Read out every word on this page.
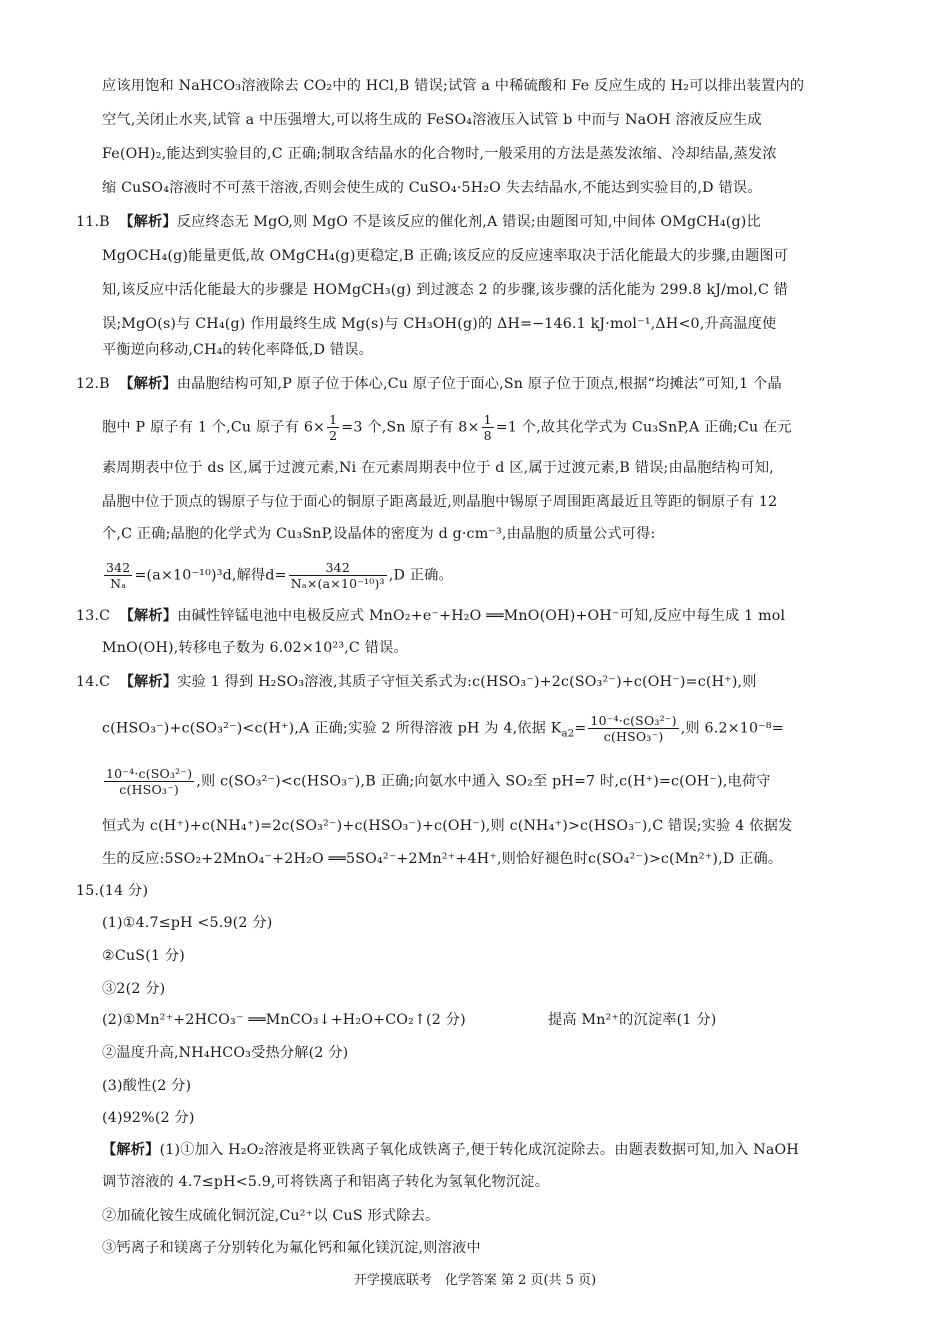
应该用饱和 NaHCO₃溶液除去 CO₂中的 HCl,B 错误;试管 a 中稀硫酸和 Fe 反应生成的 H₂可以排出装置内的
空气,关闭止水夹,试管 a 中压强增大,可以将生成的 FeSO₄溶液压入试管 b 中而与 NaOH 溶液反应生成
Fe(OH)₂,能达到实验目的,C 正确;制取含结晶水的化合物时,一般采用的方法是蒸发浓缩、冷却结晶,蒸发浓
缩 CuSO₄溶液时不可蒸干溶液,否则会使生成的 CuSO₄·5H₂O 失去结晶水,不能达到实验目的,D 错误。
11.B 【解析】反应终态无 MgO,则 MgO 不是该反应的催化剂,A 错误;由题图可知,中间体 OMgCH₄(g)比
MgOCH₄(g)能量更低,故 OMgCH₄(g)更稳定,B 正确;该反应的反应速率取决于活化能最大的步骤,由题图可
知,该反应中活化能最大的步骤是 HOMgCH₃(g) 到过渡态 2 的步骤,该步骤的活化能为 299.8 kJ/mol,C 错
误;MgO(s)与 CH₄(g) 作用最终生成 Mg(s)与 CH₃OH(g)的 ΔH=−146.1 kJ·mol⁻¹,ΔH<0,升高温度使
平衡逆向移动,CH₄的转化率降低,D 错误。
12.B 【解析】由晶胞结构可知,P 原子位于体心,Cu 原子位于面心,Sn 原子位于顶点,根据“均摊法”可知,1 个晶
胞中 P 原子有 1 个,Cu 原子有 $6\times \frac{1}{2} =3$ 个,Sn 原子有 $8\times \frac{1}{8} =1$ 个,故其化学式为 Cu₃SnP,A 正确;Cu 在元
素周期表中位于 ds 区,属于过渡元素,Ni 在元素周期表中位于 d 区,属于过渡元素,B 错误;由晶胞结构可知,
晶胞中位于顶点的锡原子与位于面心的铜原子距离最近,则晶胞中锡原子周围距离最近且等距的铜原子有 12
个,C 正确;晶胞的化学式为 Cu₃SnP,设晶体的密度为 d g·cm⁻³,由晶胞的质量公式可得:
$\frac{342}{\text{Nₐ}} =(a\times 10^{-10})^3d$,解得$d= \frac{342}{\text{Nₐ×(a×10⁻¹⁰)³}} ,D$ 正确。
13.C 【解析】由碱性锌锰电池中电极反应式 MnO₂+e⁻+H₂O ══MnO(OH)+OH⁻可知,反应中每生成 1 mol
MnO(OH),转移电子数为 6.02×10²³,C 错误。
14.C 【解析】实验 1 得到 H₂SO₃溶液,其质子守恒关系式为:c(HSO₃⁻)+2c(SO₃²⁻)+c(OH⁻)=c(H⁺),则
c(HSO₃⁻)+c(SO₃²⁻)<c(H⁺),A 正确;实验 2 所得溶液 pH 为 4,依据 $K_{a2}= \frac{\text{10⁻⁴·c(SO₃²⁻)}}{\text{c(HSO₃⁻)}}$ ,则 6.2×10⁻⁸=
$\frac{\text{10⁻⁴·c(SO₃²⁻)}}{\text{c(HSO₃⁻)}}$ ,则 c(SO₃²⁻)<c(HSO₃⁻),B 正确;向氨水中通入 SO₂至 pH=7 时,c(H⁺)=c(OH⁻),电荷守
恒式为 c(H⁺)+c(NH₄⁺)=2c(SO₃²⁻)+c(HSO₃⁻)+c(OH⁻),则 c(NH₄⁺)>c(HSO₃⁻),C 错误;实验 4 依据发
生的反应:5SO₂+2MnO₄⁻+2H₂O ══5SO₄²⁻+2Mn²⁺+4H⁺,则恰好褪色时c(SO₄²⁻)>c(Mn²⁺),D 正确。
15.(14 分)
(1)①4.7≤pH <5.9(2 分)
②CuS(1 分)
③2(2 分)
(2)①Mn²⁺+2HCO₃⁻ ══MnCO₃↓+H₂O+CO₂↑(2 分)	提高 Mn²⁺的沉淀率(1 分)
②温度升高,NH₄HCO₃受热分解(2 分)
(3)酸性(2 分)
(4)92%(2 分)
【解析】(1)①加入 H₂O₂溶液是将亚铁离子氧化成铁离子,便于转化成沉淀除去。由题表数据可知,加入 NaOH
调节溶液的 4.7≤pH<5.9,可将铁离子和铝离子转化为氢氧化物沉淀。
②加硫化铵生成硫化铜沉淀,Cu²⁺以 CuS 形式除去。
③钙离子和镁离子分别转化为氟化钙和氟化镁沉淀,则溶液中
开学摸底联考　化学答案 第 2 页(共 5 页)
